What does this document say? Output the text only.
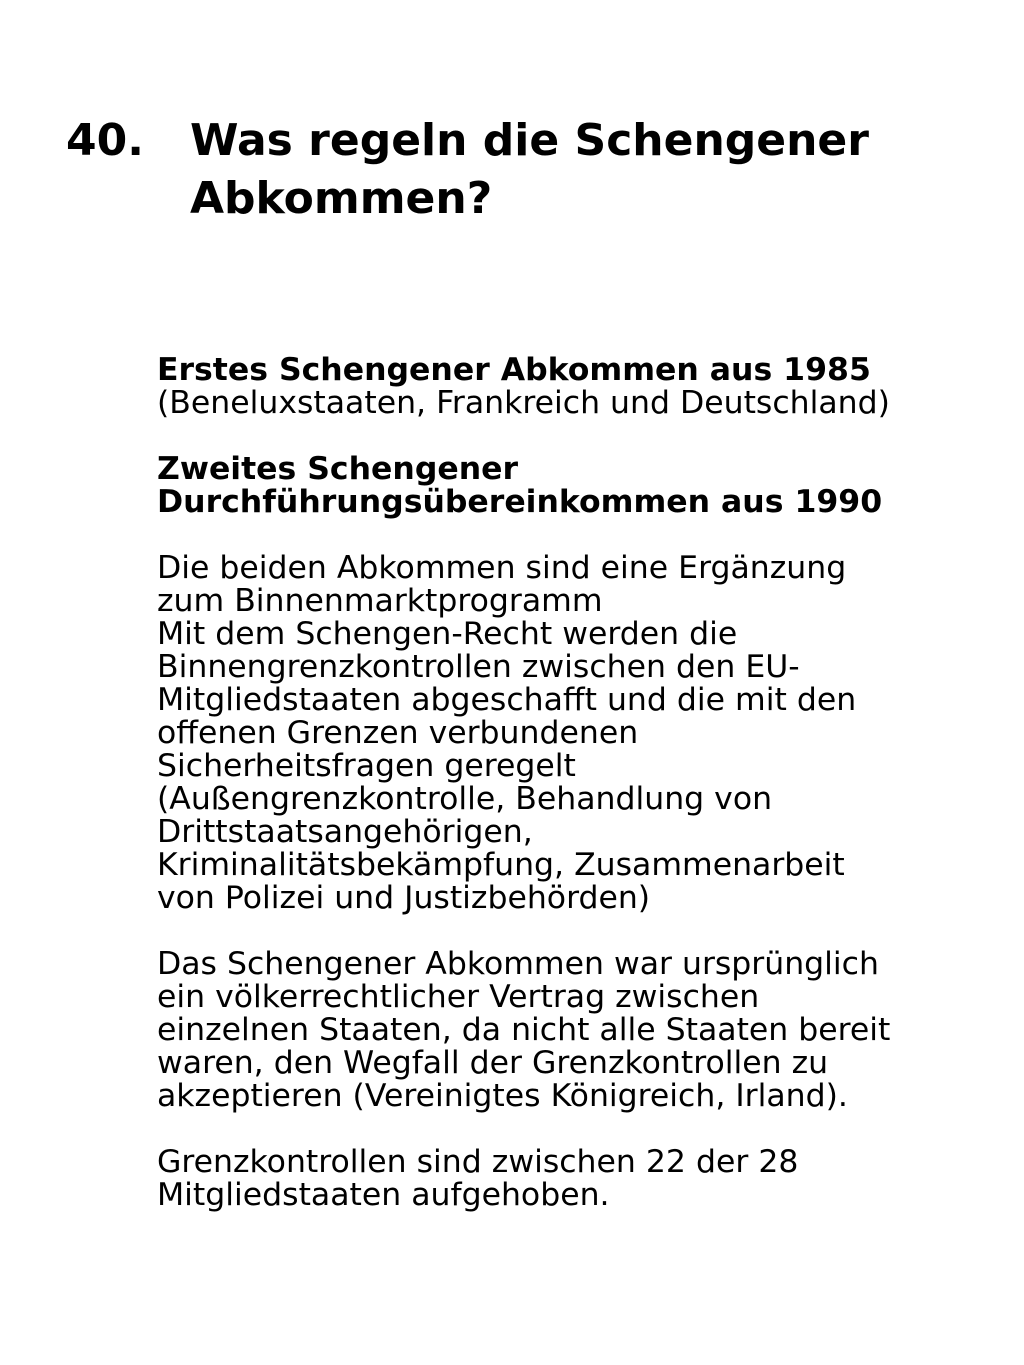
40. Was regeln die Schengener
Abkommen?
Erstes Schengener Abkommen aus 1985
(Beneluxstaaten, Frankreich und Deutschland)
Zweites Schengener
Durchführungsübereinkommen aus 1990
Die beiden Abkommen sind eine Ergänzung
zum Binnenmarktprogramm
Mit dem Schengen-Recht werden die
Binnengrenzkontrollen zwischen den EU-
Mitgliedstaaten abgeschafft und die mit den
offenen Grenzen verbundenen
Sicherheitsfragen geregelt
(Außengrenzkontrolle, Behandlung von
Drittstaatsangehörigen,
Kriminalitätsbekämpfung, Zusammenarbeit
von Polizei und Justizbehörden)
Das Schengener Abkommen war ursprünglich
ein völkerrechtlicher Vertrag zwischen
einzelnen Staaten, da nicht alle Staaten bereit
waren, den Wegfall der Grenzkontrollen zu
akzeptieren (Vereinigtes Königreich, Irland).
Grenzkontrollen sind zwischen 22 der 28
Mitgliedstaaten aufgehoben.
